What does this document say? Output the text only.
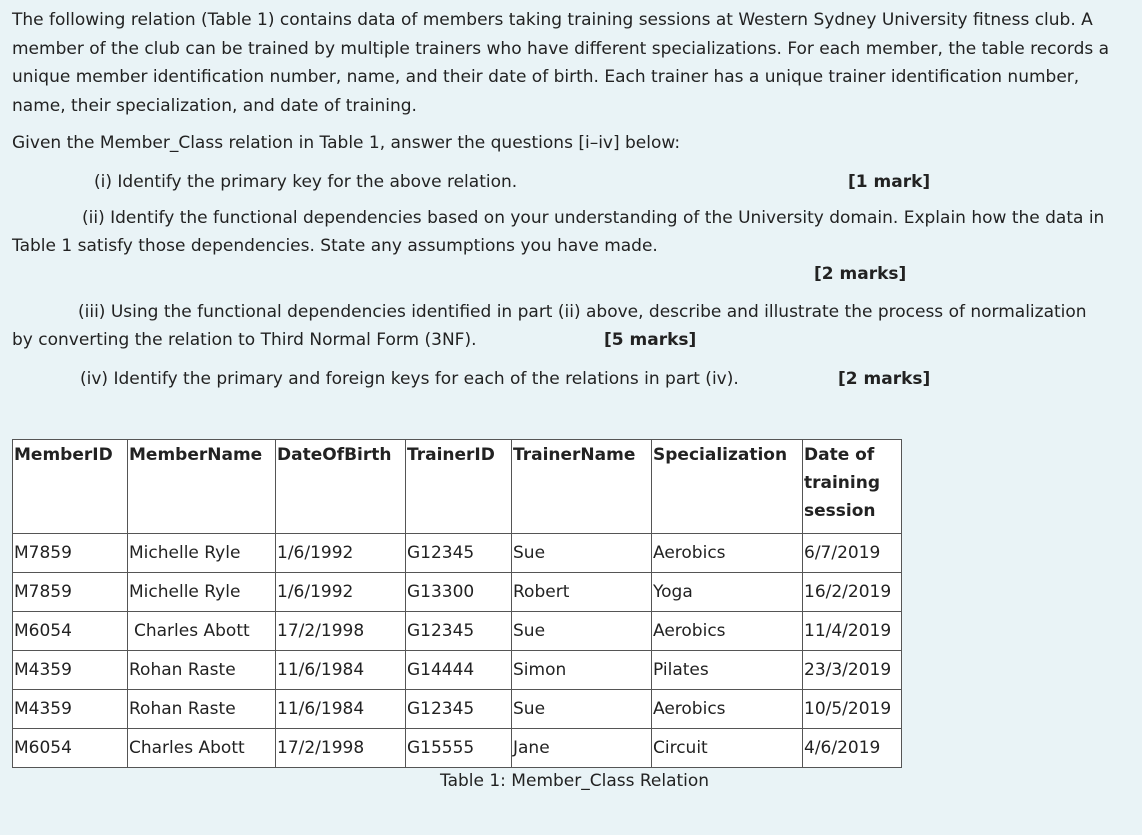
The following relation (Table 1) contains data of members taking training sessions at Western Sydney University fitness club. A member of the club can be trained by multiple trainers who have different specializations. For each member, the table records a unique member identification number, name, and their date of birth. Each trainer has a unique trainer identification number, name, their specialization, and date of training.

Given the Member_Class relation in Table 1, answer the questions [i–iv] below:

(i) Identify the primary key for the above relation.	[1 mark]

(ii) Identify the functional dependencies based on your understanding of the University domain. Explain how the data in Table 1 satisfy those dependencies. State any assumptions you have made.

[2 marks]

(iii) Using the functional dependencies identified in part (ii) above, describe and illustrate the process of normalization by converting the relation to Third Normal Form (3NF).	[5 marks]

(iv) Identify the primary and foreign keys for each of the relations in part (iv).	[2 marks]
MemberID	MemberName	DateOfBirth	TrainerID	TrainerName	Specialization	Date of training session
M7859	Michelle Ryle	1/6/1992	G12345	Sue	Aerobics	6/7/2019
M7859	Michelle Ryle	1/6/1992	G13300	Robert	Yoga	16/2/2019
M6054	Charles Abott	17/2/1998	G12345	Sue	Aerobics	11/4/2019
M4359	Rohan Raste	11/6/1984	G14444	Simon	Pilates	23/3/2019
M4359	Rohan Raste	11/6/1984	G12345	Sue	Aerobics	10/5/2019
M6054	Charles Abott	17/2/1998	G15555	Jane	Circuit	4/6/2019
Table 1: Member_Class Relation
